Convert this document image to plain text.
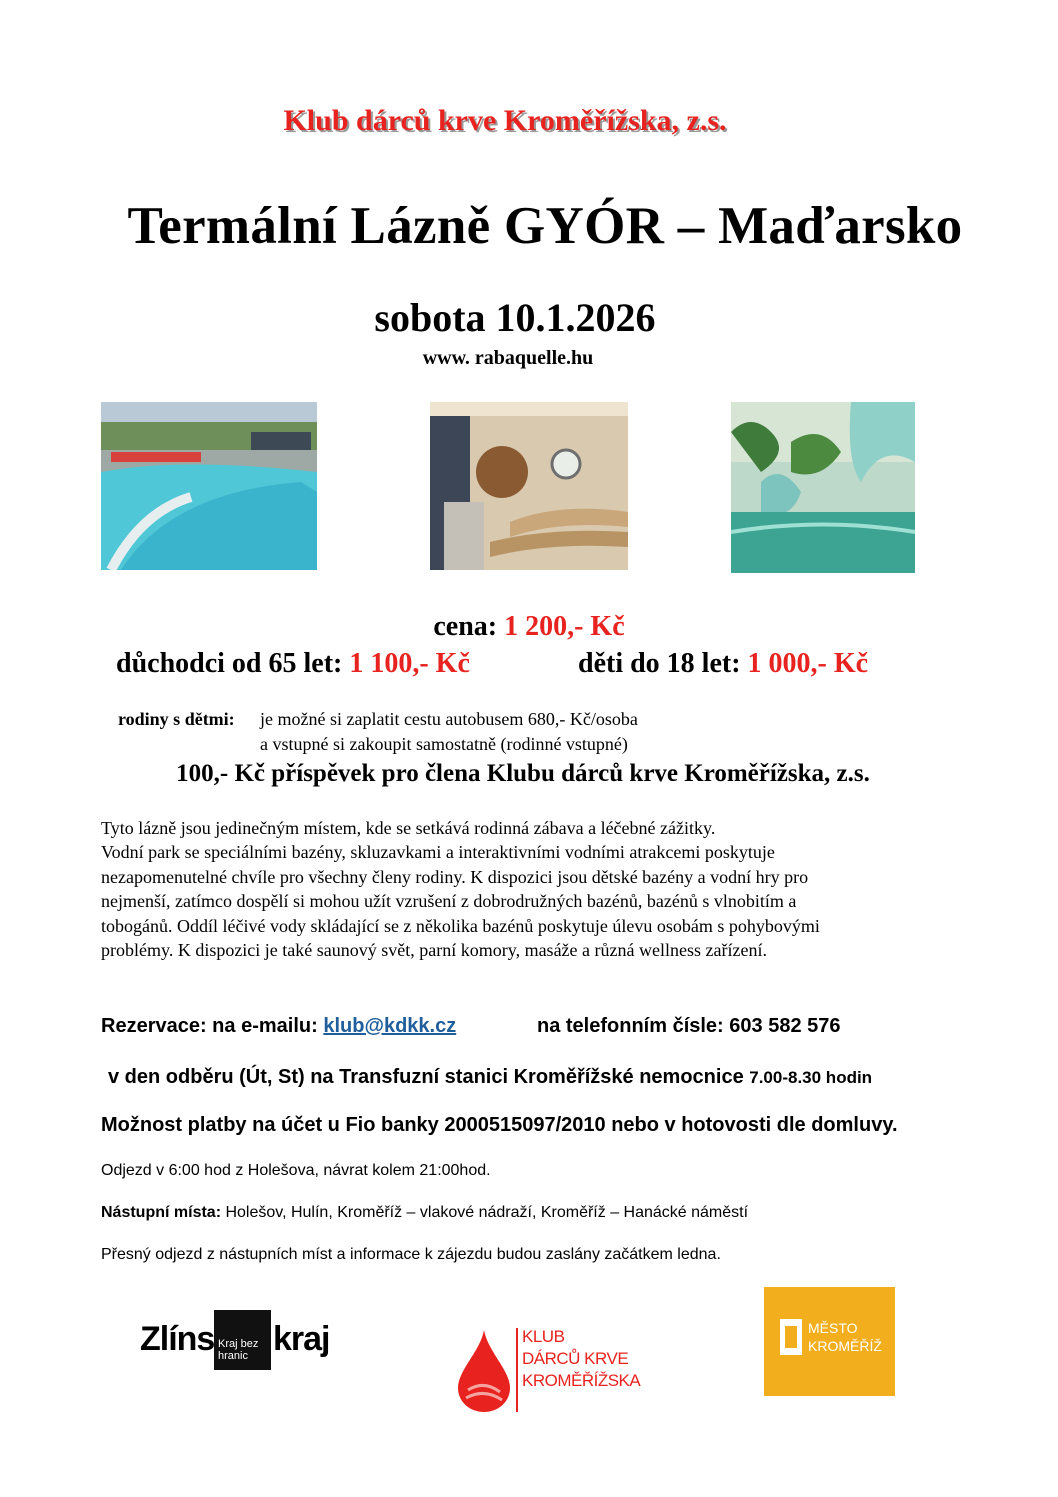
Klub dárců krve Kroměřížska, z.s.
Termální Lázně GYÓR – Maďarsko
sobota 10.1.2026
www. rabaquelle.hu
cena: 1 200,- Kč
důchodci od 65 let: 1 100,- Kč	děti do 18 let: 1 000,- Kč
rodiny s dětmi: je možné si zaplatit cestu autobusem 680,- Kč/osoba
a vstupné si zakoupit samostatně (rodinné vstupné)
100,- Kč příspěvek pro člena Klubu dárců krve Kroměřížska, z.s.
Tyto lázně jsou jedinečným místem, kde se setkává rodinná zábava a léčebné zážitky.
Vodní park se speciálními bazény, skluzavkami a interaktivními vodními atrakcemi poskytuje
nezapomenutelné chvíle pro všechny členy rodiny. K dispozici jsou dětské bazény a vodní hry pro
nejmenší, zatímco dospělí si mohou užít vzrušení z dobrodružných bazénů, bazénů s vlnobitím a
tobogánů. Oddíl léčivé vody skládající se z několika bazénů poskytuje úlevu osobám s pohybovými
problémy. K dispozici je také saunový svět, parní komory, masáže a různá wellness zařízení.
Rezervace: na e-mailu: klub@kdkk.cz	na telefonním čísle: 603 582 576
v den odběru (Út, St) na Transfuzní stanici Kroměřížské nemocnice 7.00-8.30 hodin
Možnost platby na účet u Fio banky 2000515097/2010 nebo v hotovosti dle domluvy.
Odjezd v 6:00 hod z Holešova, návrat kolem 21:00hod.
Nástupní místa: Holešov, Hulín, Kroměříž – vlakové nádraží, Kroměříž – Hanácké náměstí
Přesný odjezd z nástupních míst a informace k zájezdu budou zaslány začátkem ledna.
Zlíns Kraj bez
hranic kraj	KLUB
DÁRCŮ KRVE
KROMĚŘÍŽSKA
MĚSTO
KROMĚŘÍŽ
